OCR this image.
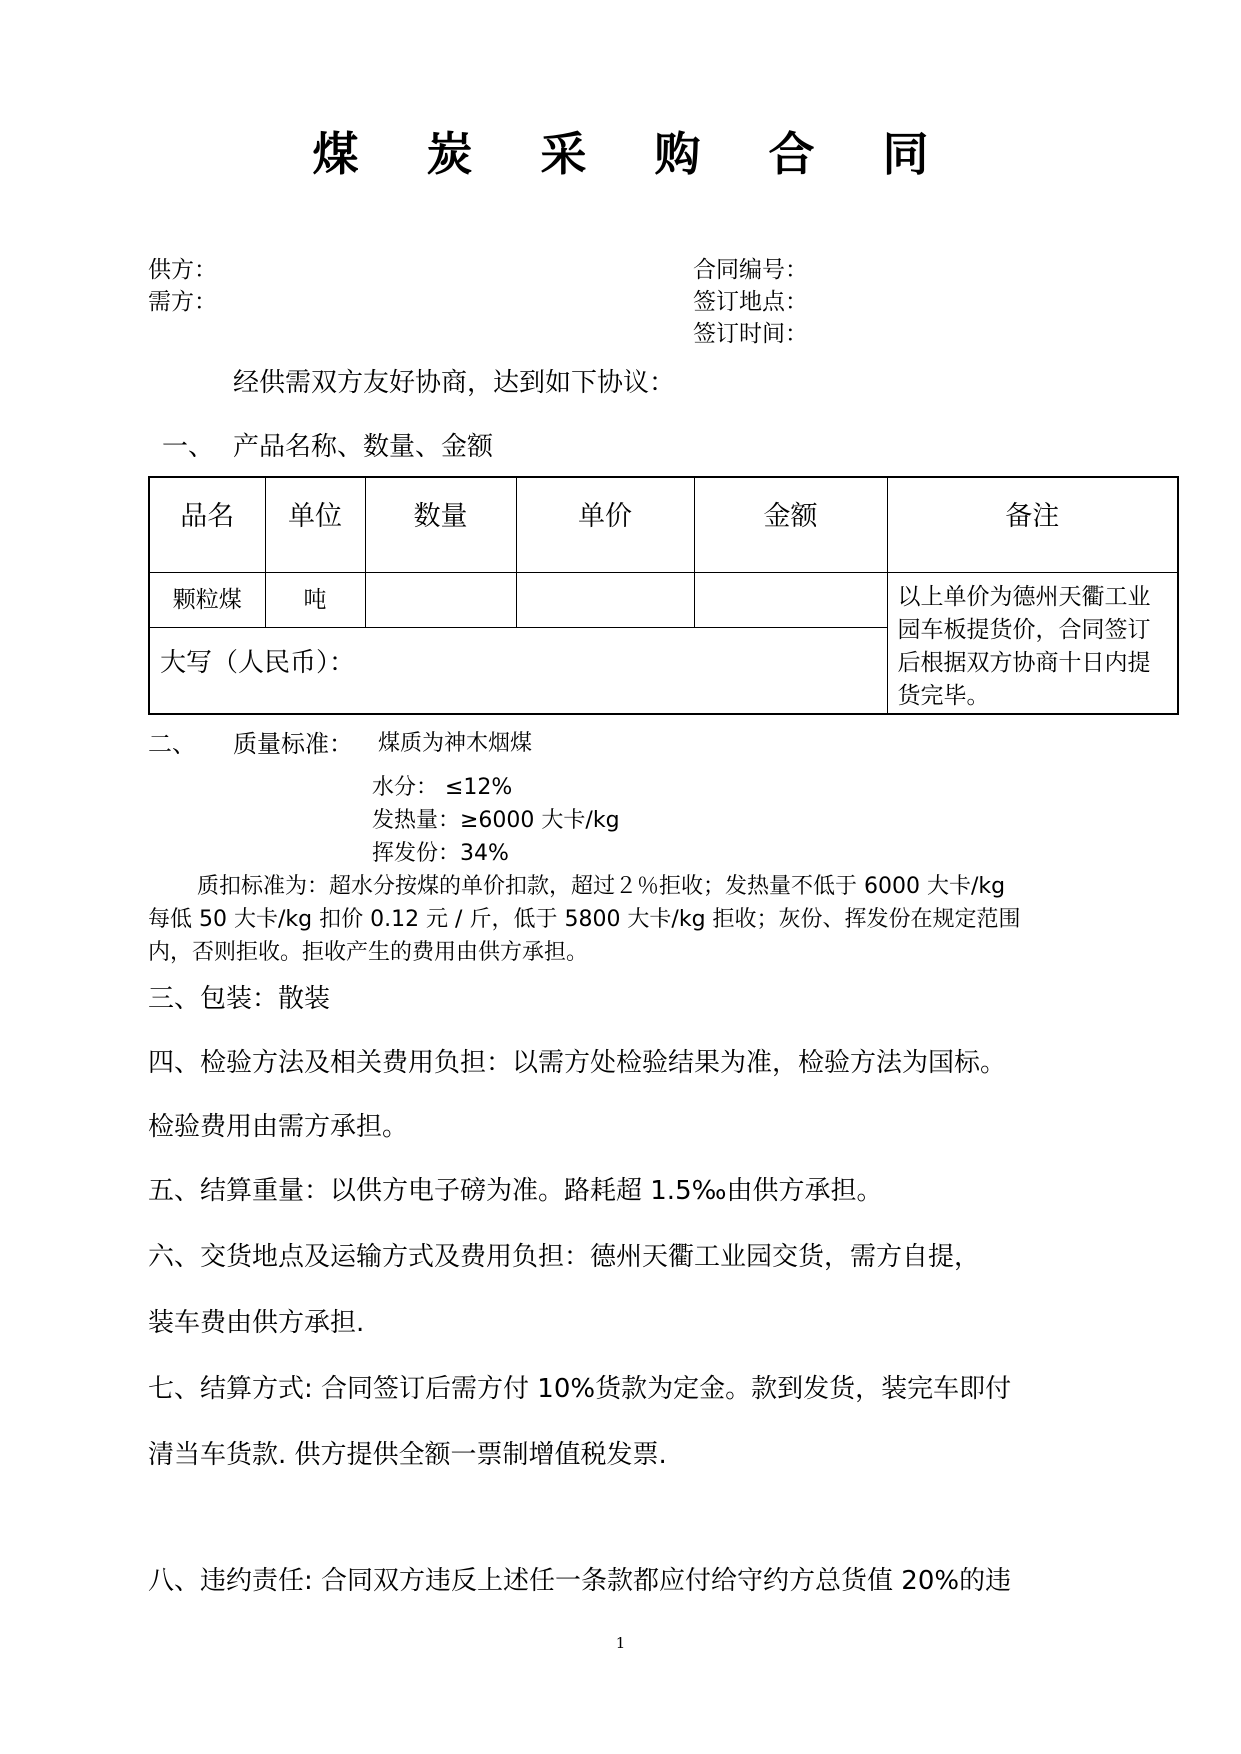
煤 炭 采 购 合 同
供方：
需方：
合同编号：
签订地点：
签订时间：
经供需双方友好协商，达到如下协议：
一、 产品名称、数量、金额
品名	单位	数量	单价	金额	备注
颗粒煤	吨				以上单价为德州天衢工业园车板提货价，合同签订后根据双方协商十日内提货完毕。
大写（人民币）：					
二、 质量标准： 煤质为神木烟煤
水分： ≤12%
发热量：≥6000 大卡/kg
挥发份：34%
质扣标准为：超水分按煤的单价扣款，超过２％拒收；发热量不低于 6000 大卡/kg
每低 50 大卡/kg 扣价 0.12 元 / 斤，低于 5800 大卡/kg 拒收；灰份、挥发份在规定范围
内，否则拒收。拒收产生的费用由供方承担。
三、包装：散装
四、检验方法及相关费用负担：以需方处检验结果为准，检验方法为国标。
检验费用由需方承担。
五、结算重量：以供方电子磅为准。路耗超 1.5‰由供方承担。
六、交货地点及运输方式及费用负担：德州天衢工业园交货，需方自提，
装车费由供方承担.
七、结算方式: 合同签订后需方付 10%货款为定金。款到发货，装完车即付
清当车货款. 供方提供全额一票制增值税发票.
八、违约责任: 合同双方违反上述任一条款都应付给守约方总货值 20%的违
1
